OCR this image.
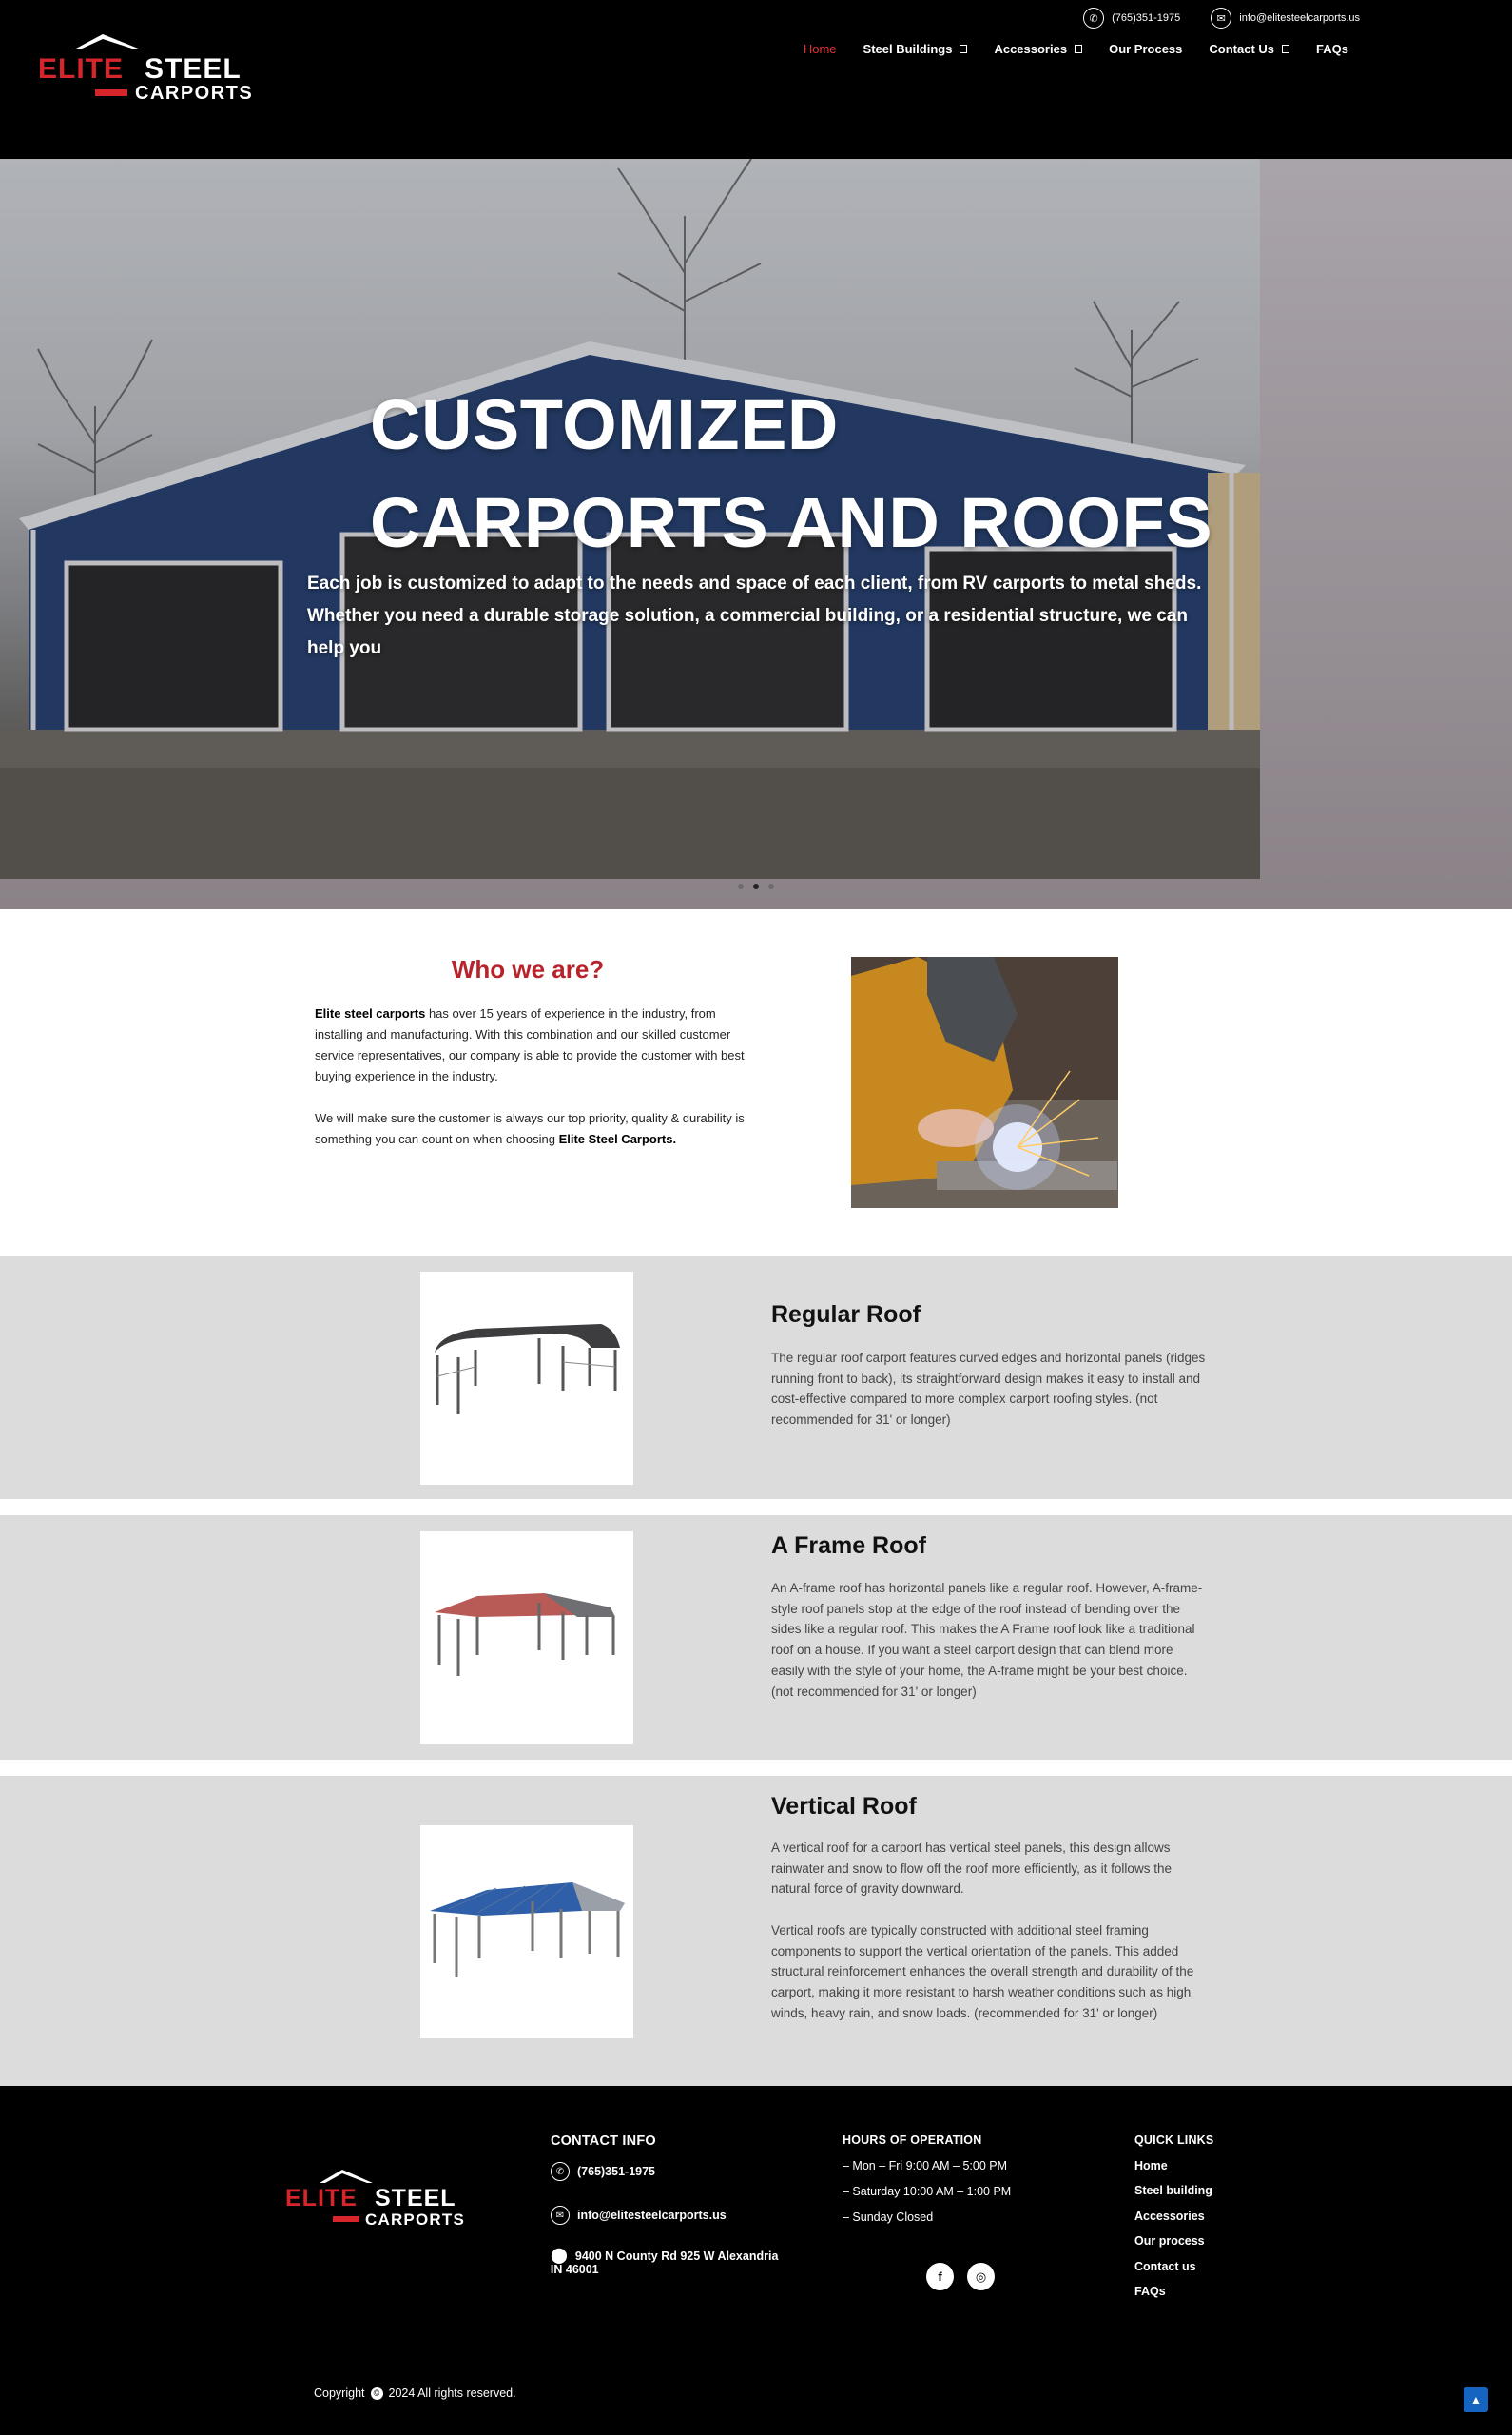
ELITE STEEL
CARPORTS
✆	(765)351-1975	✉	info@elitesteelcarports.us
Home Steel Buildings	Accessories	Our Process Contact Us	FAQs
CUSTOMIZED
CARPORTS AND ROOFS
Each job is customized to adapt to the needs and space of each client, from RV carports to metal sheds. Whether you need a durable storage solution, a commercial building, or a residential structure, we can help you
Who we are?

Elite steel carports has over 15 years of experience in the industry, from installing and manufacturing. With this combination and our skilled customer service representatives, our company is able to provide the customer with best buying experience in the industry.

We will make sure the customer is always our top priority, quality & durability is something you can count on when choosing Elite Steel Carports.

Regular Roof

The regular roof carport features curved edges and horizontal panels (ridges running front to back), its straightforward design makes it easy to install and cost-effective compared to more complex carport roofing styles. (not recommended for 31' or longer)

A Frame Roof

An A-frame roof has horizontal panels like a regular roof. However, A-frame-style roof panels stop at the edge of the roof instead of bending over the sides like a regular roof. This makes the A Frame roof look like a traditional roof on a house. If you want a steel carport design that can blend more easily with the style of your home, the A-frame might be your best choice. (not recommended for 31' or longer)

Vertical Roof

A vertical roof for a carport has vertical steel panels, this design allows rainwater and snow to flow off the roof more efficiently, as it follows the natural force of gravity downward.

Vertical roofs are typically constructed with additional steel framing components to support the vertical orientation of the panels. This added structural reinforcement enhances the overall strength and durability of the carport, making it more resistant to harsh weather conditions such as high winds, heavy rain, and snow loads. (recommended for 31' or longer)

ELITE STEEL
CARPORTS
CONTACT INFO
✆	(765)351-1975
✉	info@elitesteelcarports.us
⬤ 9400 N County Rd 925 W Alexandria
IN 46001
HOURS OF OPERATION
– Mon – Fri 9:00 AM – 5:00 PM
– Saturday 10:00 AM – 1:00 PM
– Sunday Closed
f	◎
QUICK LINKS
Home
Steel building
Accessories
Our process
Contact us
FAQs
Copyright	© 2024 All rights reserved.	▲
